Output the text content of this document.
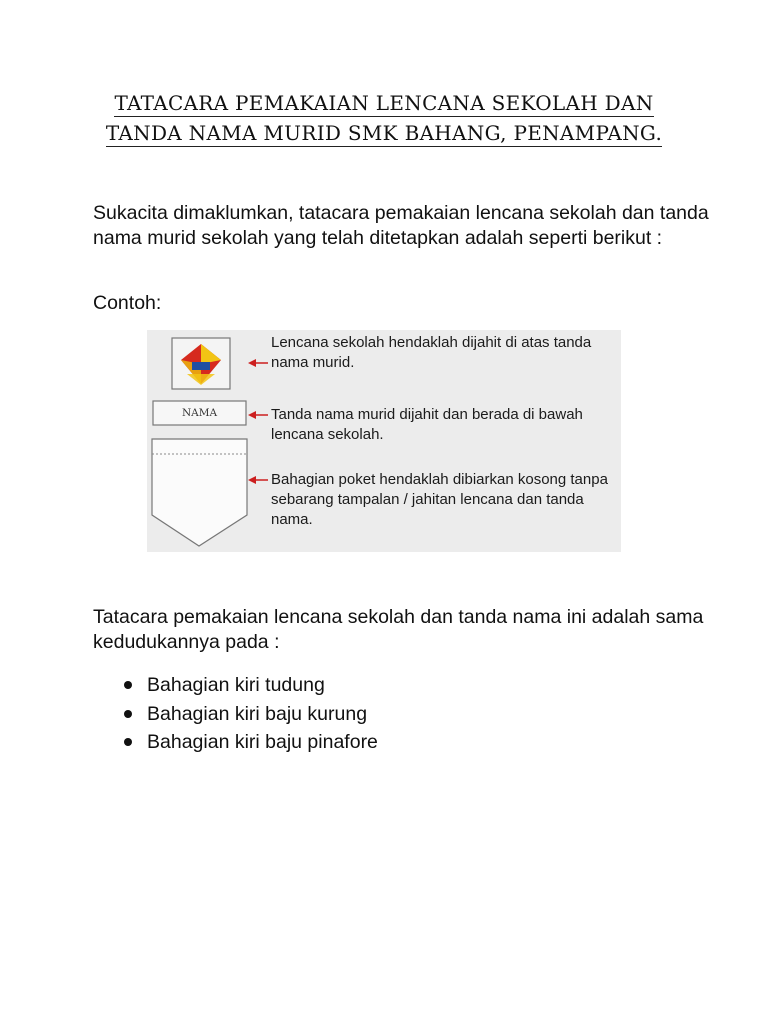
TATACARA PEMAKAIAN LENCANA SEKOLAH DAN
TANDA NAMA MURID SMK BAHANG, PENAMPANG.
Sukacita dimaklumkan, tatacara pemakaian lencana sekolah dan tanda nama murid sekolah yang telah ditetapkan adalah seperti berikut :
Contoh:
NAMA
Lencana sekolah hendaklah dijahit di atas tanda nama murid.
Tanda nama murid dijahit dan berada di bawah lencana sekolah.
Bahagian poket hendaklah dibiarkan kosong tanpa sebarang tampalan / jahitan lencana dan tanda nama.
Tatacara pemakaian lencana sekolah dan tanda nama ini adalah sama kedudukannya pada :
Bahagian kiri tudung
Bahagian kiri baju kurung
Bahagian kiri baju pinafore
